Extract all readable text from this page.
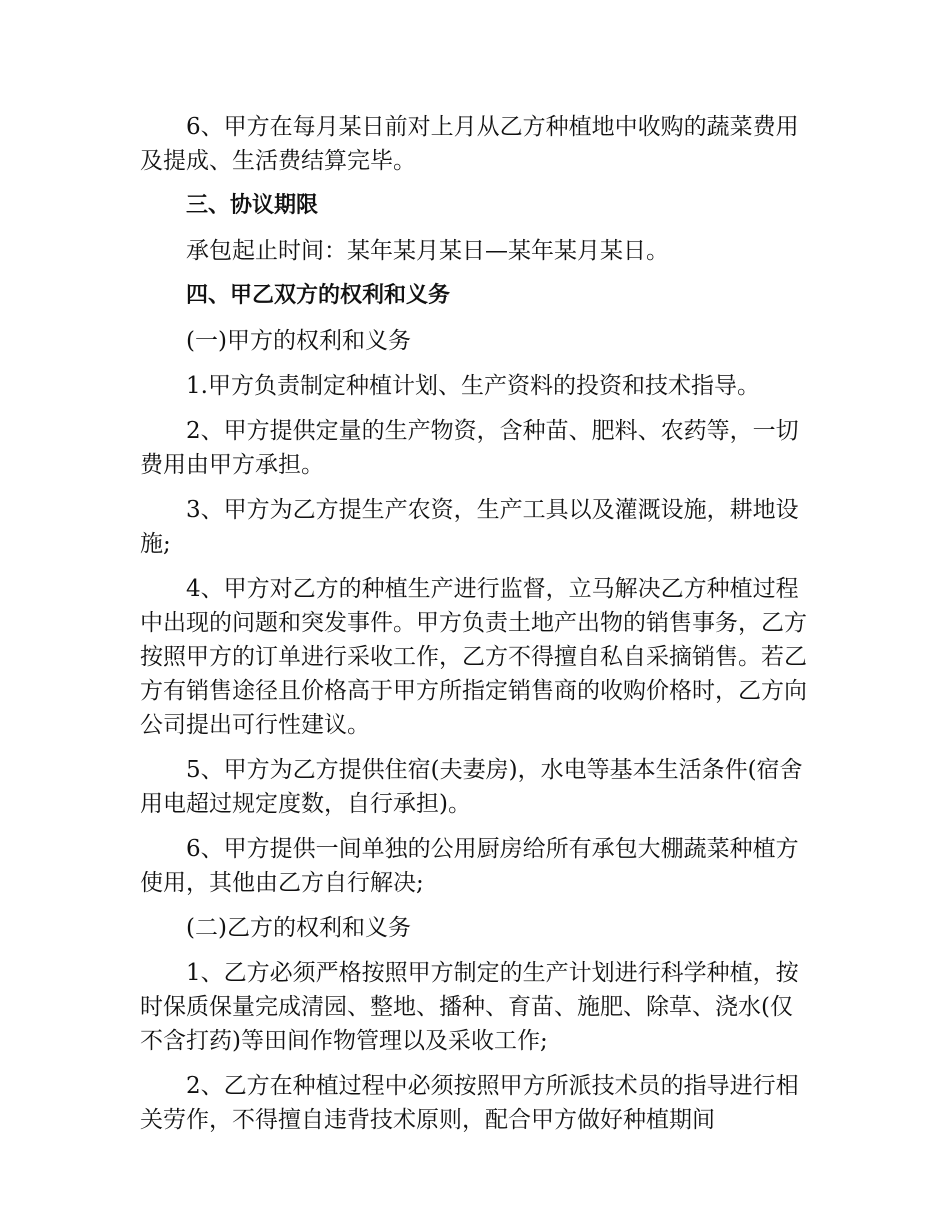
6、甲方在每月某日前对上月从乙方种植地中收购的蔬菜费用及提成、生活费结算完毕。

三、协议期限

承包起止时间：某年某月某日—某年某月某日。

四、甲乙双方的权利和义务

(一)甲方的权利和义务

1.甲方负责制定种植计划、生产资料的投资和技术指导。

2、甲方提供定量的生产物资，含种苗、肥料、农药等，一切费用由甲方承担。

3、甲方为乙方提生产农资，生产工具以及灌溉设施，耕地设施;

4、甲方对乙方的种植生产进行监督，立马解决乙方种植过程中出现的问题和突发事件。甲方负责土地产出物的销售事务，乙方按照甲方的订单进行采收工作，乙方不得擅自私自采摘销售。若乙方有销售途径且价格高于甲方所指定销售商的收购价格时，乙方向公司提出可行性建议。

5、甲方为乙方提供住宿(夫妻房)，水电等基本生活条件(宿舍用电超过规定度数，自行承担)。

6、甲方提供一间单独的公用厨房给所有承包大棚蔬菜种植方使用，其他由乙方自行解决;

(二)乙方的权利和义务

1、乙方必须严格按照甲方制定的生产计划进行科学种植，按时保质保量完成清园、整地、播种、育苗、施肥、除草、浇水(仅不含打药)等田间作物管理以及采收工作;

2、乙方在种植过程中必须按照甲方所派技术员的指导进行相关劳作，不得擅自违背技术原则，配合甲方做好种植期间
